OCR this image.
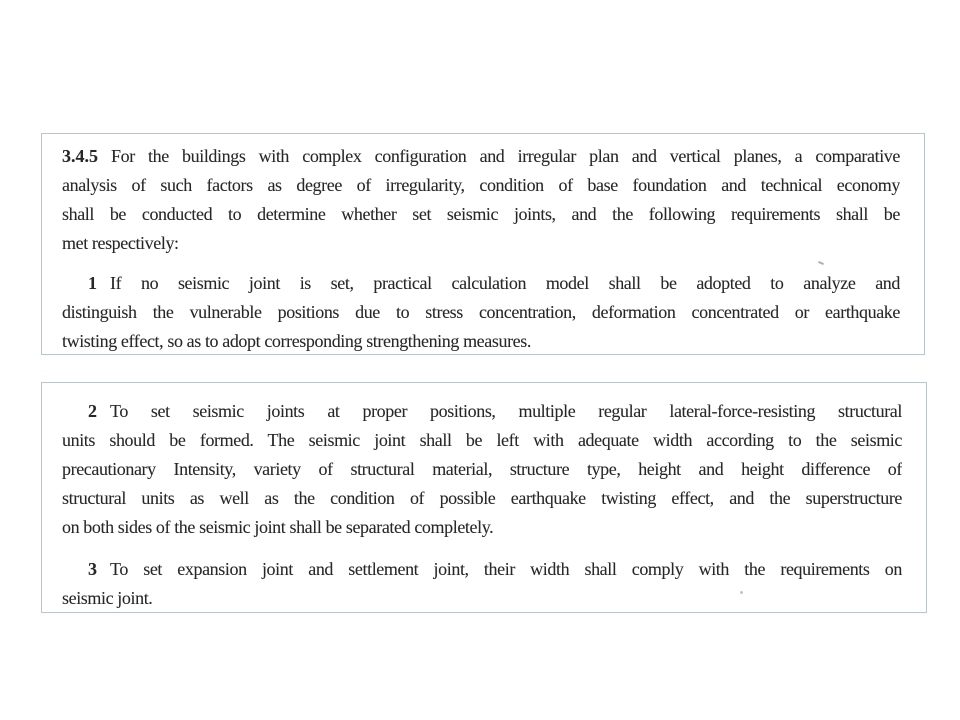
3.4.5 For the buildings with complex configuration and irregular plan and vertical planes, a comparative
analysis of such factors as degree of irregularity, condition of base foundation and technical economy
shall be conducted to determine whether set seismic joints, and the following requirements shall be
met respectively:
1 If no seismic joint is set, practical calculation model shall be adopted to analyze and
distinguish the vulnerable positions due to stress concentration, deformation concentrated or earthquake
twisting effect, so as to adopt corresponding strengthening measures.
2 To set seismic joints at proper positions, multiple regular lateral-force-resisting structural
units should be formed. The seismic joint shall be left with adequate width according to the seismic
precautionary Intensity, variety of structural material, structure type, height and height difference of
structural units as well as the condition of possible earthquake twisting effect, and the superstructure
on both sides of the seismic joint shall be separated completely.
3 To set expansion joint and settlement joint, their width shall comply with the requirements on
seismic joint.
